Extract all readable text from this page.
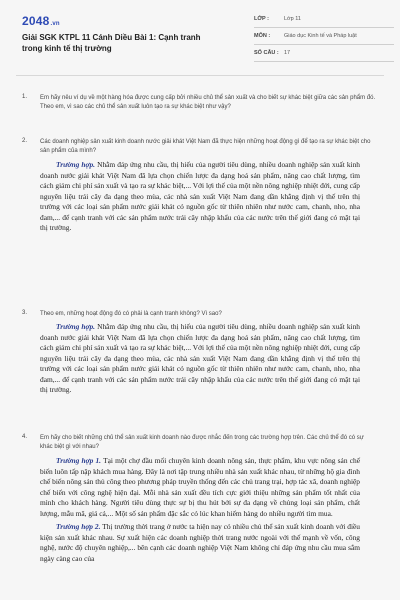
2048.vn
Giải SGK KTPL 11 Cánh Diều Bài 1: Cạnh tranh trong kinh tế thị trường
LỚP :	Lớp 11
MÔN :	Giáo dục Kinh tế và Pháp luật
SỐ CÂU : 17
1. Em hãy nêu ví dụ về một hàng hóa được cung cấp bởi nhiều chủ thể sản xuất và cho biết sự khác biệt giữa các sản phẩm đó. Theo em, vì sao các chủ thể sản xuất luôn tạo ra sự khác biệt như vậy?
2. Các doanh nghiệp sản xuất kinh doanh nước giải khát Việt Nam đã thực hiện những hoạt động gì để tạo ra sự khác biệt cho sản phẩm của mình?

Trường hợp. Nhằm đáp ứng nhu cầu, thị hiếu của người tiêu dùng, nhiều doanh nghiệp sản xuất kinh doanh nước giải khát Việt Nam đã lựa chọn chiến lược đa dạng hoá sản phẩm, nâng cao chất lượng, tìm cách giảm chi phí sản xuất và tạo ra sự khác biệt,... Với lợi thế của một nền nông nghiệp nhiệt đới, cung cấp nguyên liệu trái cây đa dạng theo mùa, các nhà sản xuất Việt Nam đang dần khẳng định vị thế trên thị trường với các loại sản phẩm nước giải khát có nguồn gốc từ thiên nhiên như nước cam, chanh, nho, nha đam,... để cạnh tranh với các sản phẩm nước trái cây nhập khẩu của các nước trên thế giới đang có mặt tại thị trường.

3. Theo em, những hoạt động đó có phải là cạnh tranh không? Vì sao?

Trường hợp. Nhằm đáp ứng nhu cầu, thị hiếu của người tiêu dùng, nhiều doanh nghiệp sản xuất kinh doanh nước giải khát Việt Nam đã lựa chọn chiến lược đa dạng hoá sản phẩm, nâng cao chất lượng, tìm cách giảm chi phí sản xuất và tạo ra sự khác biệt,... Với lợi thế của một nền nông nghiệp nhiệt đới, cung cấp nguyên liệu trái cây đa dạng theo mùa, các nhà sản xuất Việt Nam đang dần khẳng định vị thế trên thị trường với các loại sản phẩm nước giải khát có nguồn gốc từ thiên nhiên như nước cam, chanh, nho, nha đam,... để cạnh tranh với các sản phẩm nước trái cây nhập khẩu của các nước trên thế giới đang có mặt tại thị trường.

4. Em hãy cho biết những chủ thể sản xuất kinh doanh nào được nhắc đến trong các trường hợp trên. Các chủ thể đó có sự khác biệt gì với nhau?

Trường hợp 1. Tại một chợ đầu mối chuyên kinh doanh nông sản, thực phẩm, khu vực nông sản chế biến luôn tấp nập khách mua hàng. Đây là nơi tập trung nhiều nhà sản xuất khác nhau, từ những hộ gia đình chế biến nông sản thủ công theo phương pháp truyền thống đến các chủ trang trại, hợp tác xã, doanh nghiệp chế biến với công nghệ hiện đại. Mỗi nhà sản xuất đều tích cực giới thiệu những sản phẩm tốt nhất của mình cho khách hàng. Người tiêu dùng thực sự bị thu hút bởi sự đa dạng về chủng loại sản phẩm, chất lượng, mẫu mã, giá cả,... Một số sản phẩm đặc sắc có lúc khan hiếm hàng do nhiều người tìm mua.

Trường hợp 2. Thị trường thời trang ở nước ta hiện nay có nhiều chủ thể sản xuất kinh doanh với điều kiện sản xuất khác nhau. Sự xuất hiện các doanh nghiệp thời trang nước ngoài với thế mạnh về vốn, công nghệ, nước độ chuyên nghiệp,... bên cạnh các doanh nghiệp Việt Nam không chỉ đáp ứng nhu cầu mua sắm ngày càng cao của
